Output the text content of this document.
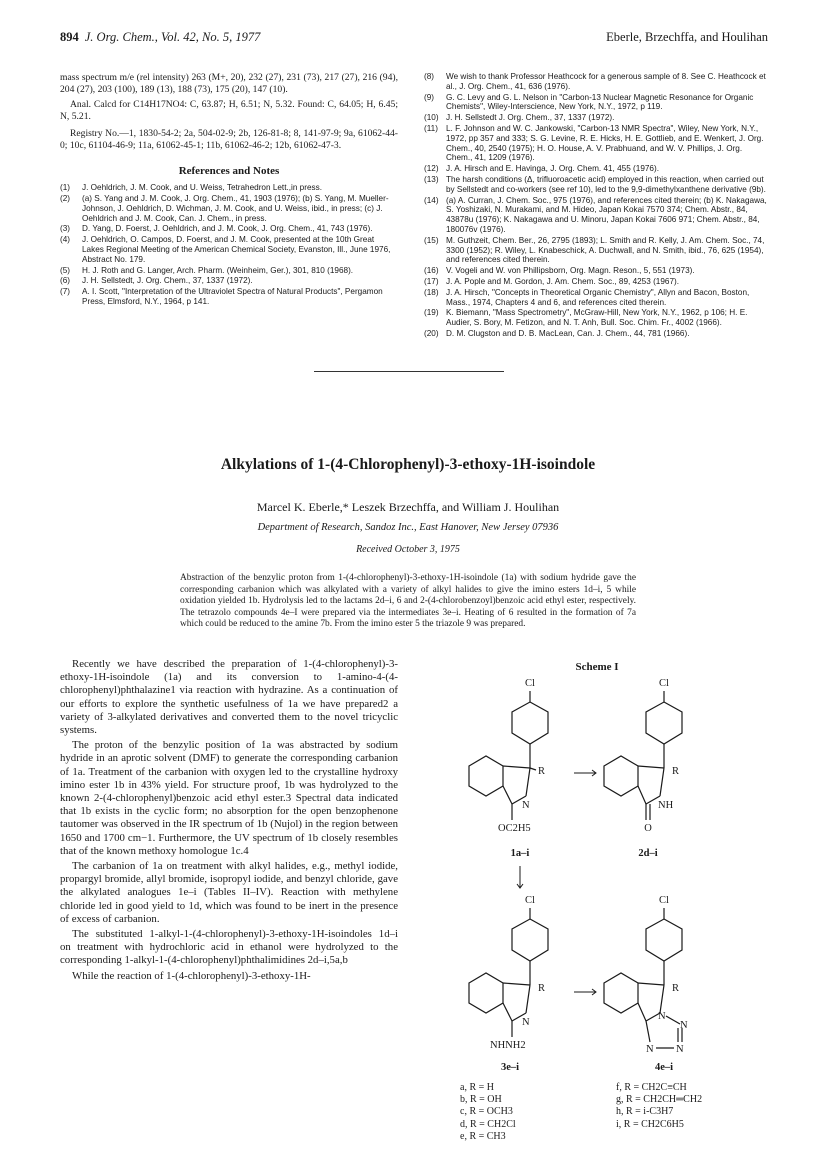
894 J. Org. Chem., Vol. 42, No. 5, 1977	Eberle, Brzechffa, and Houlihan

mass spectrum m/e (rel intensity) 263 (M+, 20), 232 (27), 231 (73), 217 (27), 216 (94), 204 (27), 203 (100), 189 (13), 188 (73), 175 (20), 147 (10).

Anal. Calcd for C14H17NO4: C, 63.87; H, 6.51; N, 5.32. Found: C, 64.05; H, 6.45; N, 5.21.

Registry No.—1, 1830-54-2; 2a, 504-02-9; 2b, 126-81-8; 8, 141-97-9; 9a, 61062-44-0; 10c, 61104-46-9; 11a, 61062-45-1; 11b, 61062-46-2; 12b, 61062-47-3.

References and Notes
(1)	J. Oehldrich, J. M. Cook, and U. Weiss, Tetrahedron Lett.,in press.
(2)	(a) S. Yang and J. M. Cook, J. Org. Chem., 41, 1903 (1976); (b) S. Yang, M. Mueller-Johnson, J. Oehldrich, D. Wichman, J. M. Cook, and U. Weiss, ibid., in press; (c) J. Oehldrich and J. M. Cook, Can. J. Chem., in press.
(3)	D. Yang, D. Foerst, J. Oehldrich, and J. M. Cook, J. Org. Chem., 41, 743 (1976).
(4)	J. Oehldrich, O. Campos, D. Foerst, and J. M. Cook, presented at the 10th Great Lakes Regional Meeting of the American Chemical Society, Evanston, Ill., June 1976, Abstract No. 179.
(5)	H. J. Roth and G. Langer, Arch. Pharm. (Weinheim, Ger.), 301, 810 (1968).
(6)	J. H. Sellstedt, J. Org. Chem., 37, 1337 (1972).
(7)	A. I. Scott, "Interpretation of the Ultraviolet Spectra of Natural Products", Pergamon Press, Elmsford, N.Y., 1964, p 141.
(8)	We wish to thank Professor Heathcock for a generous sample of 8. See C. Heathcock et al., J. Org. Chem., 41, 636 (1976).
(9)	G. C. Levy and G. L. Nelson in "Carbon-13 Nuclear Magnetic Resonance for Organic Chemists", Wiley-Interscience, New York, N.Y., 1972, p 119.
(10) J. H. Sellstedt J. Org. Chem., 37, 1337 (1972).
(11) L. F. Johnson and W. C. Jankowski, "Carbon-13 NMR Spectra", Wiley, New York, N.Y., 1972, pp 357 and 333; S. G. Levine, R. E. Hicks, H. E. Gottlieb, and E. Wenkert, J. Org. Chem., 40, 2540 (1975); H. O. House, A. V. Prabhuand, and W. V. Phillips, J. Org. Chem., 41, 1209 (1976).
(12) J. A. Hirsch and E. Havinga, J. Org. Chem. 41, 455 (1976).
(13) The harsh conditions (Δ, trifluoroacetic acid) employed in this reaction, when carried out by Sellstedt and co-workers (see ref 10), led to the 9,9-dimethylxanthene derivative (9b).
(14) (a) A. Curran, J. Chem. Soc., 975 (1976), and references cited therein; (b) K. Nakagawa, S. Yoshizaki, N. Murakami, and M. Hideo, Japan Kokai 7570 374; Chem. Abstr., 84, 43878u (1976); K. Nakagawa and U. Minoru, Japan Kokai 7606 971; Chem. Abstr., 84, 180076v (1976).
(15) M. Guthzeit, Chem. Ber., 26, 2795 (1893); L. Smith and R. Kelly, J. Am. Chem. Soc., 74, 3300 (1952); R. Wiley, L. Knabeschick, A. Duchwall, and N. Smith, ibid., 76, 625 (1954), and references cited therein.
(16) V. Vogeli and W. von Phillipsborn, Org. Magn. Reson., 5, 551 (1973).
(17) J. A. Pople and M. Gordon, J. Am. Chem. Soc., 89, 4253 (1967).
(18) J. A. Hirsch, "Concepts in Theoretical Organic Chemistry", Allyn and Bacon, Boston, Mass., 1974, Chapters 4 and 6, and references cited therein.
(19) K. Biemann, "Mass Spectrometry", McGraw-Hill, New York, N.Y., 1962, p 106; H. E. Audier, S. Bory, M. Fetizon, and N. T. Anh, Bull. Soc. Chim. Fr., 4002 (1966).
(20) D. M. Clugston and D. B. MacLean, Can. J. Chem., 44, 781 (1966).
Alkylations of 1-(4-Chlorophenyl)-3-ethoxy-1H-isoindole
Marcel K. Eberle,* Leszek Brzechffa, and William J. Houlihan
Department of Research, Sandoz Inc., East Hanover, New Jersey 07936
Received October 3, 1975
Abstraction of the benzylic proton from 1-(4-chlorophenyl)-3-ethoxy-1H-isoindole (1a) with sodium hydride gave the corresponding carbanion which was alkylated with a variety of alkyl halides to give the imino esters 1d–i, 5 while oxidation yielded 1b. Hydrolysis led to the lactams 2d–i, 6 and 2-(4-chlorobenzoyl)benzoic acid ethyl ester, respectively. The tetrazolo compounds 4e–I were prepared via the intermediates 3e–i. Heating of 6 resulted in the formation of 7a which could be reduced to the amine 7b. From the imino ester 5 the triazole 9 was prepared.

Recently we have described the preparation of 1-(4-chlorophenyl)-3-ethoxy-1H-isoindole (1a) and its conversion to 1-amino-4-(4-chlorophenyl)phthalazine1 via reaction with hydrazine. As a continuation of our efforts to explore the synthetic usefulness of 1a we have prepared2 a variety of 3-alkylated derivatives and converted them to the novel tricyclic systems.

The proton of the benzylic position of 1a was abstracted by sodium hydride in an aprotic solvent (DMF) to generate the corresponding carbanion of 1a. Treatment of the carbanion with oxygen led to the crystalline hydroxy imino ester 1b in 43% yield. For structure proof, 1b was hydrolyzed to the known 2-(4-chlorophenyl)benzoic acid ethyl ester.3 Spectral data indicated that 1b exists in the cyclic form; no absorption for the open benzophenone tautomer was observed in the IR spectrum of 1b (Nujol) in the region between 1650 and 1700 cm−1. Furthermore, the UV spectrum of 1b closely resembles that of the known methoxy homologue 1c.4

The carbanion of 1a on treatment with alkyl halides, e.g., methyl iodide, propargyl bromide, allyl bromide, isopropyl iodide, and benzyl chloride, gave the alkylated analogues 1e–i (Tables II–IV). Reaction with methylene chloride led in good yield to 1d, which was found to be inert in the presence of excess of carbanion.

The substituted 1-alkyl-1-(4-chlorophenyl)-3-ethoxy-1H-isoindoles 1d–i on treatment with hydrochloric acid in ethanol were hydrolyzed to the corresponding 1-alkyl-1-(4-chlorophenyl)phthalimidines 2d–i,5a,b

While the reaction of 1-(4-chlorophenyl)-3-ethoxy-1H-

Scheme I
Cl
R
N
OC2H5
1a–i
Cl
R
NH
O
2d–i
Cl
R
N
NHNH2
3e–i
N
N
N N
Cl
R
4e–i
a, R = H
b, R = OH
c, R = OCH3
d, R = CH2Cl
e, R = CH3
f, R = CH2C≡CH
g, R = CH2CH═CH2
h, R = i-C3H7
i, R = CH2C6H5
